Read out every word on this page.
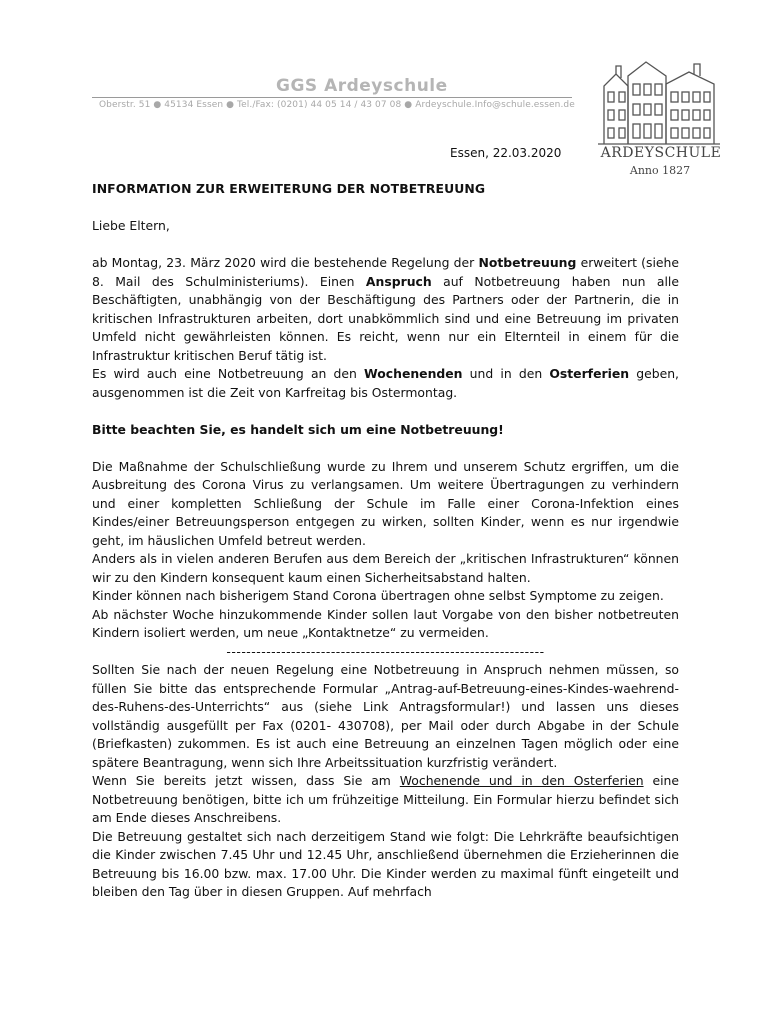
GGS Ardeyschule
Oberstr. 51 ● 45134 Essen ● Tel./Fax: (0201) 44 05 14 / 43 07 08 ● Ardeyschule.Info@schule.essen.de
ARDEYSCHULE
Anno 1827
Essen, 22.03.2020

INFORMATION ZUR ERWEITERUNG DER NOTBETREUUNG

Liebe Eltern,

ab Montag, 23. März 2020 wird die bestehende Regelung der Notbetreuung erweitert (siehe 8. Mail des Schulministeriums). Einen Anspruch auf Notbetreuung haben nun alle Beschäftigten, unabhängig von der Beschäftigung des Partners oder der Partnerin, die in kritischen Infrastrukturen arbeiten, dort unabkömmlich sind und eine Betreuung im privaten Umfeld nicht gewährleisten können. Es reicht, wenn nur ein Elternteil in einem für die Infrastruktur kritischen Beruf tätig ist.

Es wird auch eine Notbetreuung an den Wochenenden und in den Osterferien geben, ausgenommen ist die Zeit von Karfreitag bis Ostermontag.

Bitte beachten Sie, es handelt sich um eine Notbetreuung!

Die Maßnahme der Schulschließung wurde zu Ihrem und unserem Schutz ergriffen, um die Ausbreitung des Corona Virus zu verlangsamen. Um weitere Übertragungen zu verhindern und einer kompletten Schließung der Schule im Falle einer Corona-Infektion eines Kindes/einer Betreuungsperson entgegen zu wirken, sollten Kinder, wenn es nur irgendwie geht, im häuslichen Umfeld betreut werden.

Anders als in vielen anderen Berufen aus dem Bereich der „kritischen Infrastrukturen“ können wir zu den Kindern konsequent kaum einen Sicherheitsabstand halten.

Kinder können nach bisherigem Stand Corona übertragen ohne selbst Symptome zu zeigen.

Ab nächster Woche hinzukommende Kinder sollen laut Vorgabe von den bisher notbetreuten Kindern isoliert werden, um neue „Kontaktnetze“ zu vermeiden.

----------------------------------------------------------------

Sollten Sie nach der neuen Regelung eine Notbetreuung in Anspruch nehmen müssen, so füllen Sie bitte das entsprechende Formular „Antrag-auf-Betreuung-eines-Kindes-waehrend-des-Ruhens-des-Unterrichts“ aus (siehe Link Antragsformular!) und lassen uns dieses vollständig ausgefüllt per Fax (0201- 430708), per Mail oder durch Abgabe in der Schule (Briefkasten) zukommen. Es ist auch eine Betreuung an einzelnen Tagen möglich oder eine spätere Beantragung, wenn sich Ihre Arbeitssituation kurzfristig verändert.

Wenn Sie bereits jetzt wissen, dass Sie am Wochenende und in den Osterferien eine Notbetreuung benötigen, bitte ich um frühzeitige Mitteilung. Ein Formular hierzu befindet sich am Ende dieses Anschreibens.

Die Betreuung gestaltet sich nach derzeitigem Stand wie folgt: Die Lehrkräfte beaufsichtigen die Kinder zwischen 7.45 Uhr und 12.45 Uhr, anschließend übernehmen die Erzieherinnen die Betreuung bis 16.00 bzw. max. 17.00 Uhr. Die Kinder werden zu maximal fünft eingeteilt und bleiben den Tag über in diesen Gruppen. Auf mehrfach
